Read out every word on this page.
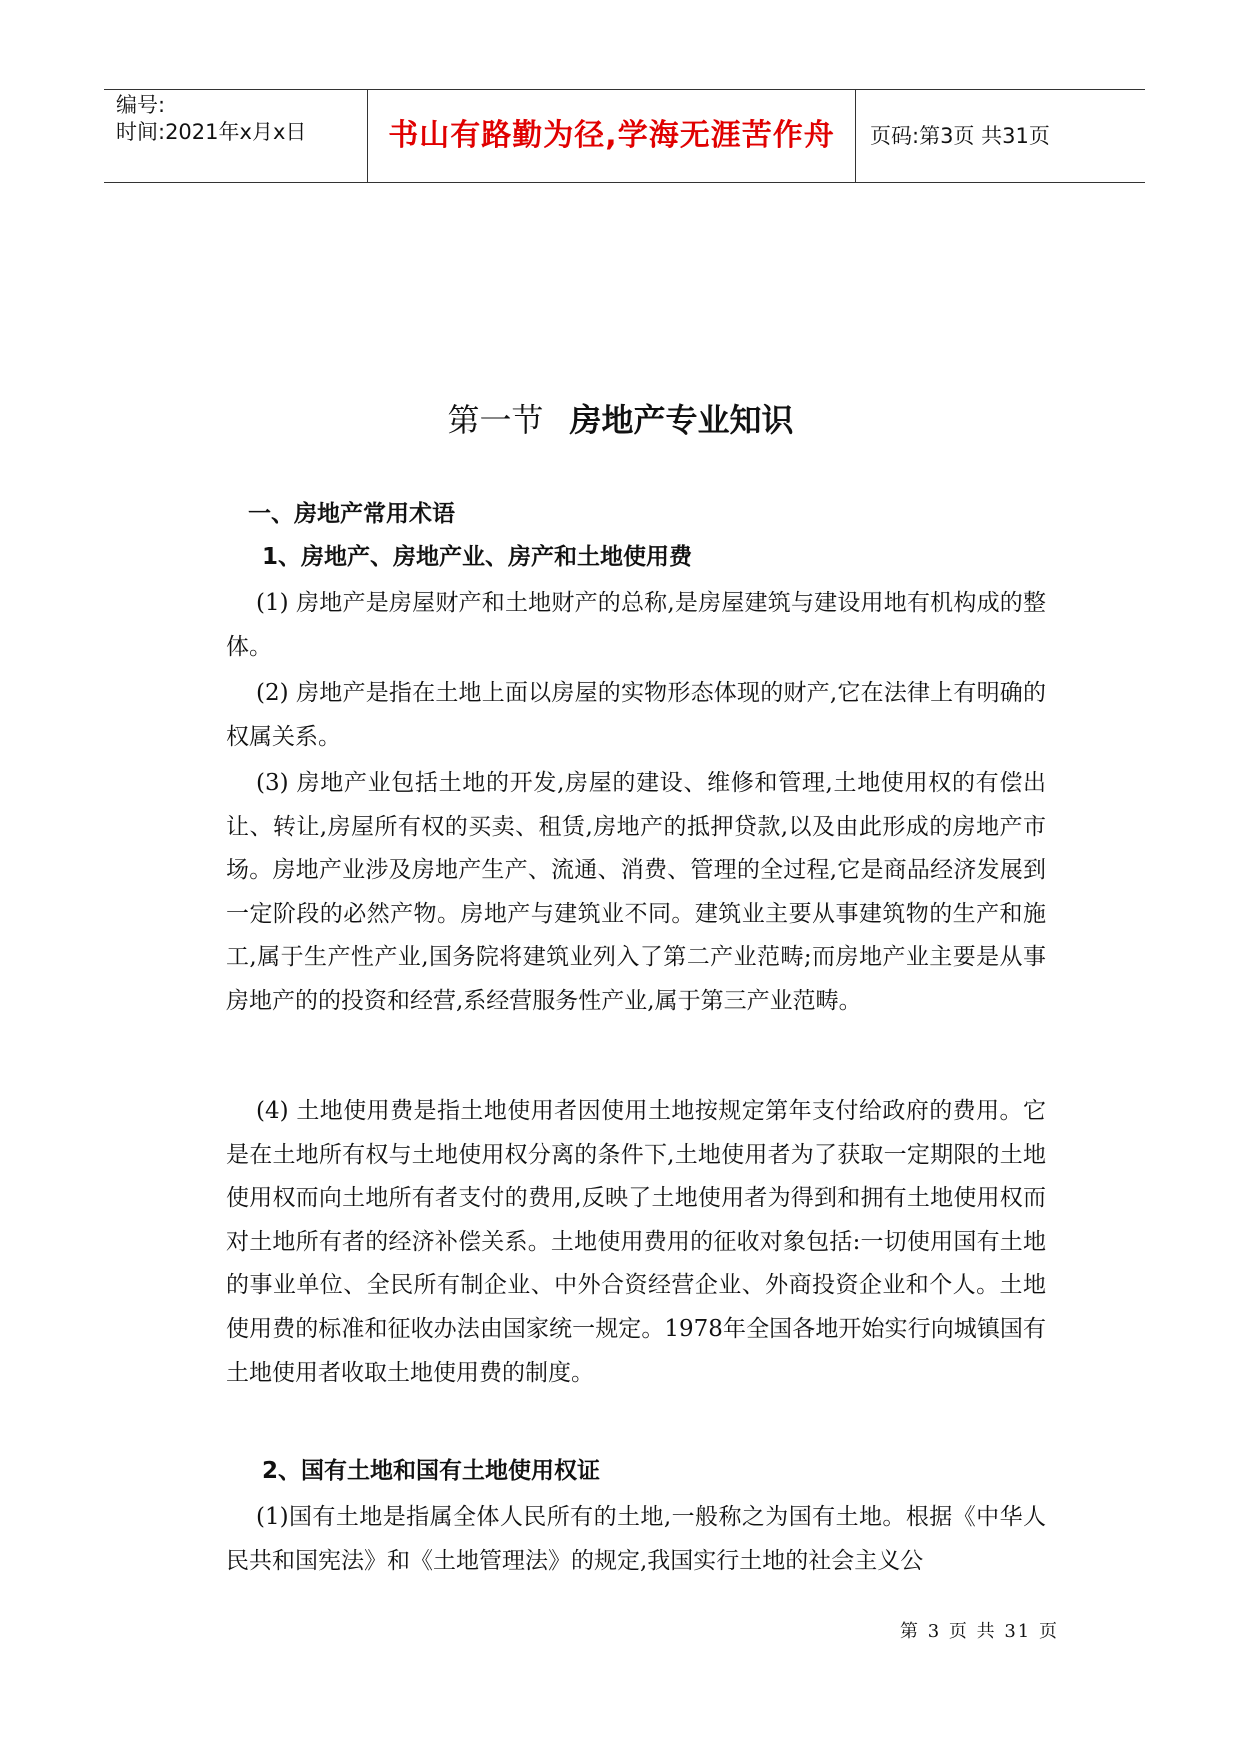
编号:
时间:2021年x月x日	书山有路勤为径,学海无涯苦作舟	页码:第3页 共31页
第一节 房地产专业知识
一、房地产常用术语
1、房地产、房地产业、房产和土地使用费

(1) 房地产是房屋财产和土地财产的总称,是房屋建筑与建设用地有机构成的整体。

(2) 房地产是指在土地上面以房屋的实物形态体现的财产,它在法律上有明确的权属关系。

(3) 房地产业包括土地的开发,房屋的建设、维修和管理,土地使用权的有偿出让、转让,房屋所有权的买卖、租赁,房地产的抵押贷款,以及由此形成的房地产市场。房地产业涉及房地产生产、流通、消费、管理的全过程,它是商品经济发展到一定阶段的必然产物。房地产与建筑业不同。建筑业主要从事建筑物的生产和施工,属于生产性产业,国务院将建筑业列入了第二产业范畴;而房地产业主要是从事房地产的的投资和经营,系经营服务性产业,属于第三产业范畴。

(4) 土地使用费是指土地使用者因使用土地按规定第年支付给政府的费用。它是在土地所有权与土地使用权分离的条件下,土地使用者为了获取一定期限的土地使用权而向土地所有者支付的费用,反映了土地使用者为得到和拥有土地使用权而对土地所有者的经济补偿关系。土地使用费用的征收对象包括:一切使用国有土地的事业单位、全民所有制企业、中外合资经营企业、外商投资企业和个人。土地使用费的标准和征收办法由国家统一规定。1978年全国各地开始实行向城镇国有土地使用者收取土地使用费的制度。

2、国有土地和国有土地使用权证

(1)国有土地是指属全体人民所有的土地,一般称之为国有土地。根据《中华人民共和国宪法》和《土地管理法》的规定,我国实行土地的社会主义公

第 3 页 共 31 页
